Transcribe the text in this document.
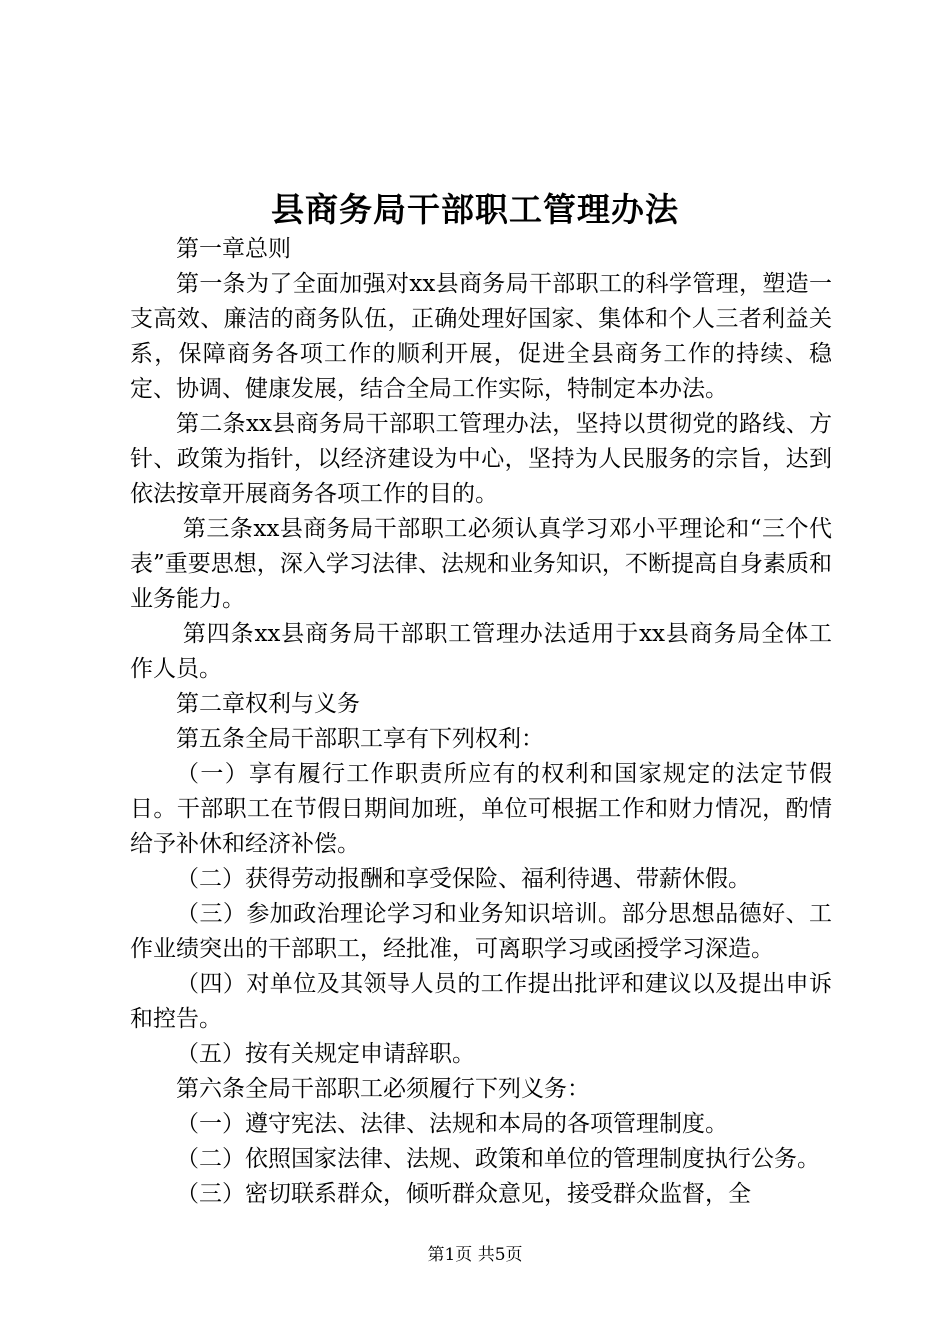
县商务局干部职工管理办法

第一章总则

第一条为了全面加强对xx县商务局干部职工的科学管理，塑造一支高效、廉洁的商务队伍，正确处理好国家、集体和个人三者利益关系，保障商务各项工作的顺利开展，促进全县商务工作的持续、稳定、协调、健康发展，结合全局工作实际，特制定本办法。

第二条xx县商务局干部职工管理办法，坚持以贯彻党的路线、方针、政策为指针，以经济建设为中心，坚持为人民服务的宗旨，达到依法按章开展商务各项工作的目的。

第三条xx县商务局干部职工必须认真学习邓小平理论和“三个代表”重要思想，深入学习法律、法规和业务知识，不断提高自身素质和业务能力。

第四条xx县商务局干部职工管理办法适用于xx县商务局全体工作人员。

第二章权利与义务

第五条全局干部职工享有下列权利：

（一）享有履行工作职责所应有的权利和国家规定的法定节假日。干部职工在节假日期间加班，单位可根据工作和财力情况，酌情给予补休和经济补偿。

（二）获得劳动报酬和享受保险、福利待遇、带薪休假。

（三）参加政治理论学习和业务知识培训。部分思想品德好、工作业绩突出的干部职工，经批准，可离职学习或函授学习深造。

（四）对单位及其领导人员的工作提出批评和建议以及提出申诉和控告。

（五）按有关规定申请辞职。

第六条全局干部职工必须履行下列义务：

（一）遵守宪法、法律、法规和本局的各项管理制度。

（二）依照国家法律、法规、政策和单位的管理制度执行公务。

（三）密切联系群众，倾听群众意见，接受群众监督，全

第1页 共5页
